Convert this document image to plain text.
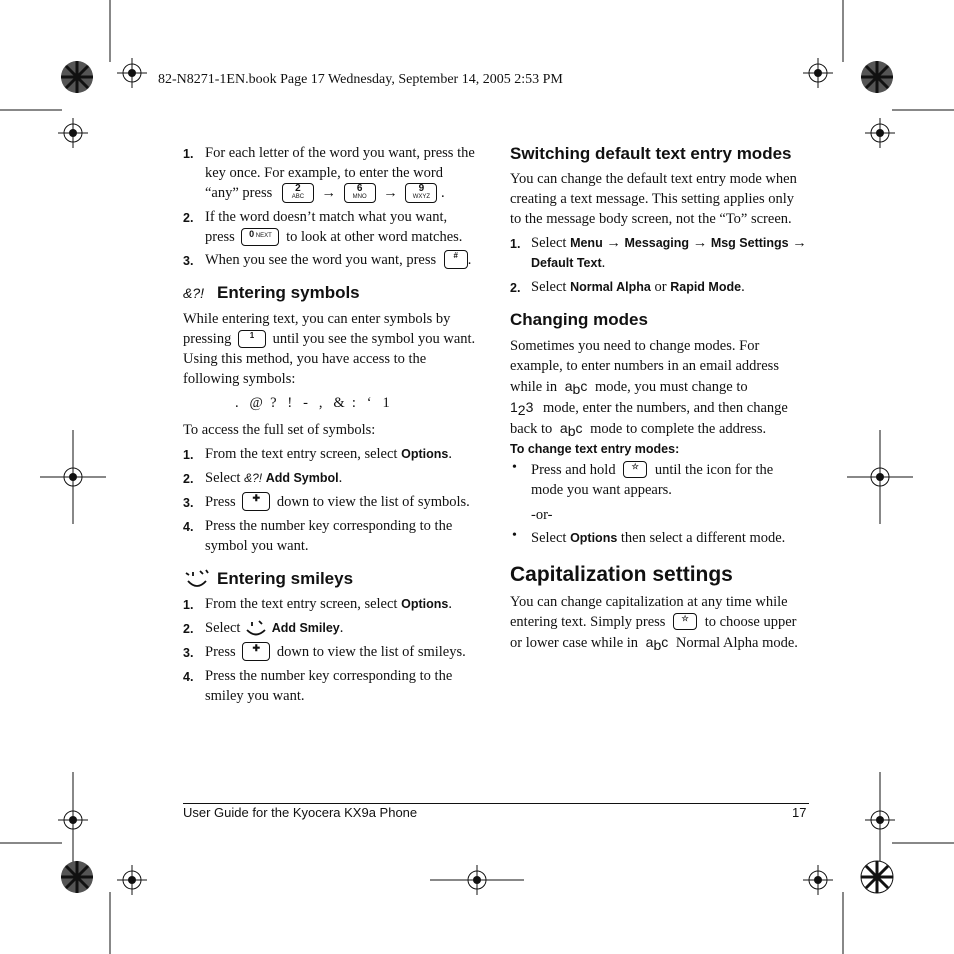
82-N8271-1EN.book Page 17 Wednesday, September 14, 2005 2:53 PM
1. For each letter of the word you want, press the
key once. For example, to enter the word
“any” press	2
ABC →	6
MNO →	9
WXYZ .
2. If the word doesn’t match what you want,
press 0 NEXT to look at other word matches.
3. When you see the word you want, press	# .
&?! Entering symbols
While entering text, you can enter symbols by
pressing	1	until you see the symbol you want.
Using this method, you have access to the
following symbols:
.   @  ?   !   -   ,   &  :   ‘   1
To access the full set of symbols:
1. From the text entry screen, select Options.
2. Select &?! Add Symbol.
3. Press	✚	down to view the list of symbols.
4. Press the number key corresponding to the
symbol you want.
Entering smileys
1. From the text entry screen, select Options.
2. Select	Add Smiley.
3. Press	✚	down to view the list of smileys.
4. Press the number key corresponding to the
smiley you want.
Switching default text entry modes
You can change the default text entry mode when
creating a text message. This setting applies only
to the message body screen, not the “To” screen.
1. Select Menu → Messaging → Msg Settings →
Default Text.
2. Select Normal Alpha or Rapid Mode.
Changing modes
Sometimes you need to change modes. For
example, to enter numbers in an email address
while in abc mode, you must change to
123 mode, enter the numbers, and then change
back to abc mode to complete the address.
To change text entry modes:
• Press and hold	☆	until the icon for the
mode you want appears.
-or-
• Select Options then select a different mode.
Capitalization settings
You can change capitalization at any time while
entering text. Simply press	☆	to choose upper
or lower case while in abc Normal Alpha mode.
User Guide for the Kyocera KX9a Phone	17
